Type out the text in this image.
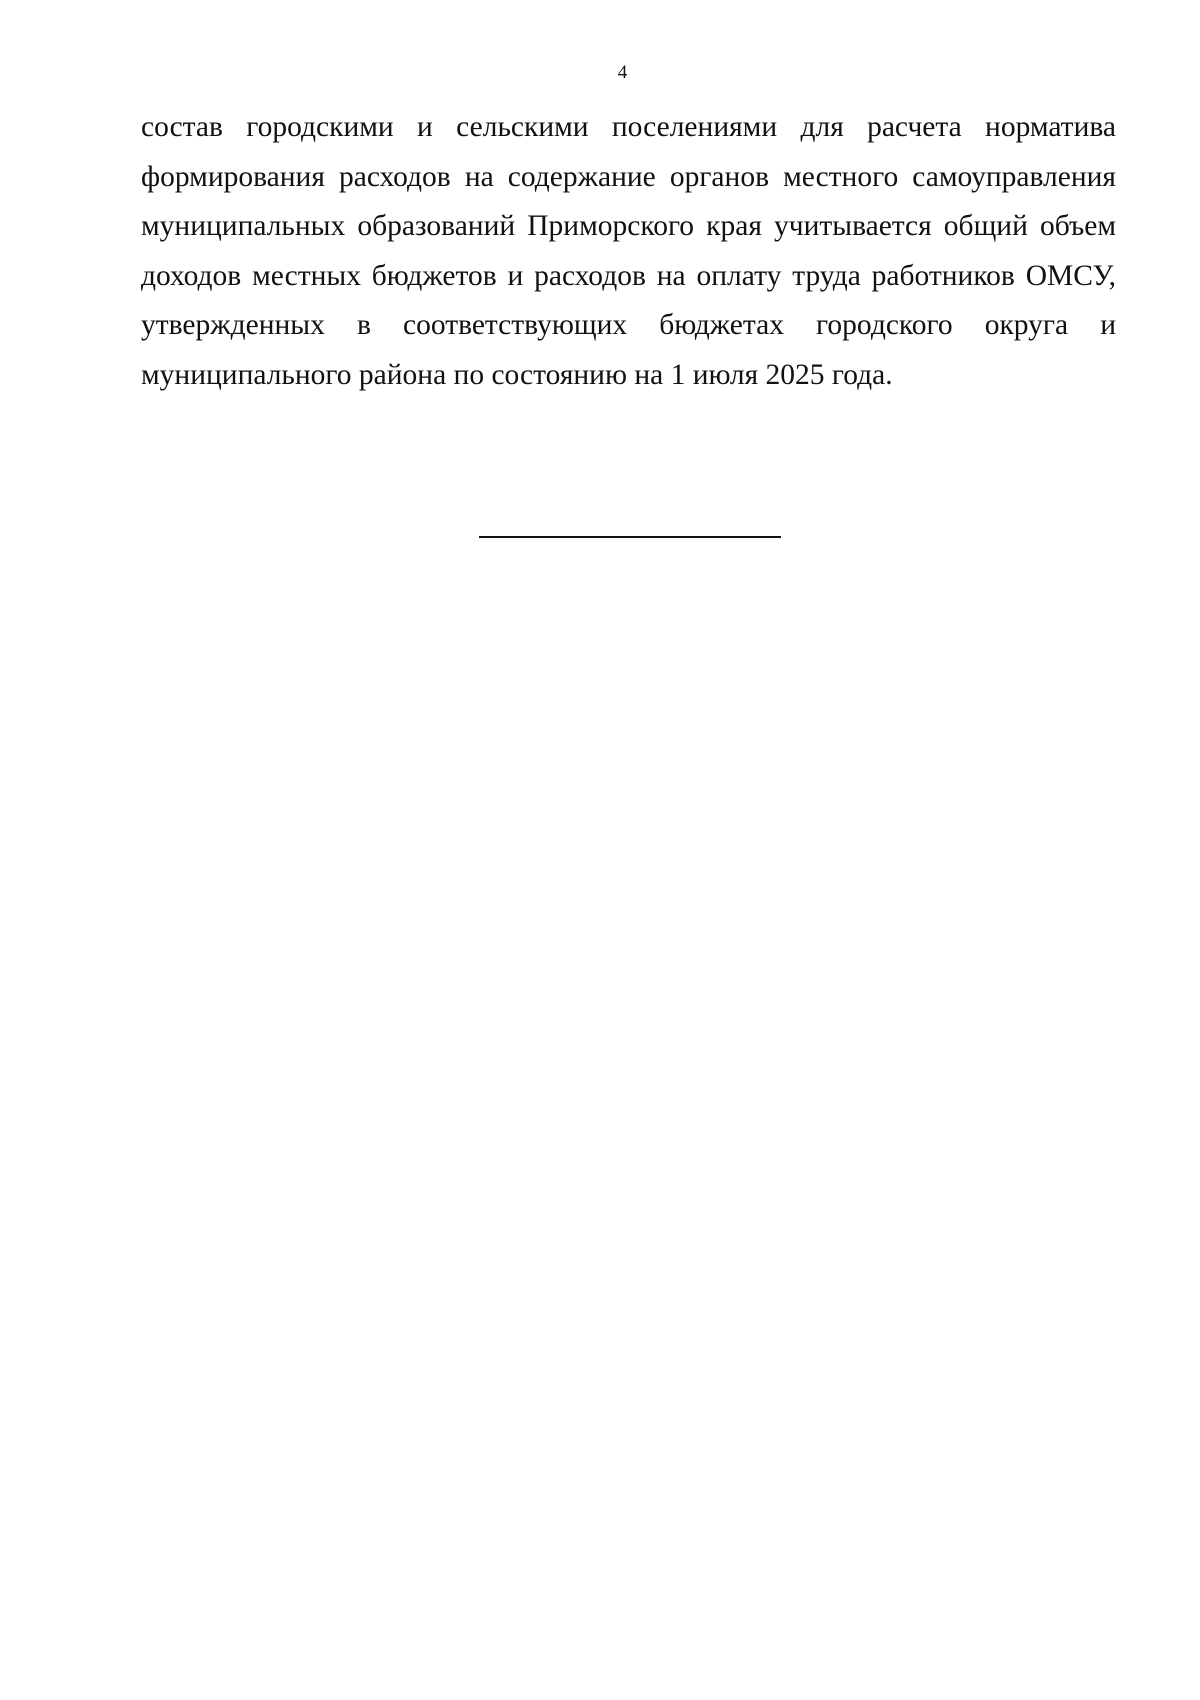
4

состав городскими и сельскими поселениями для расчета норматива
формирования расходов на содержание органов местного самоуправления
муниципальных образований Приморского края учитывается общий объем
доходов местных бюджетов и расходов на оплату труда работников ОМСУ,
утвержденных в соответствующих бюджетах городского округа и
муниципального района по состоянию на 1 июля 2025 года.
